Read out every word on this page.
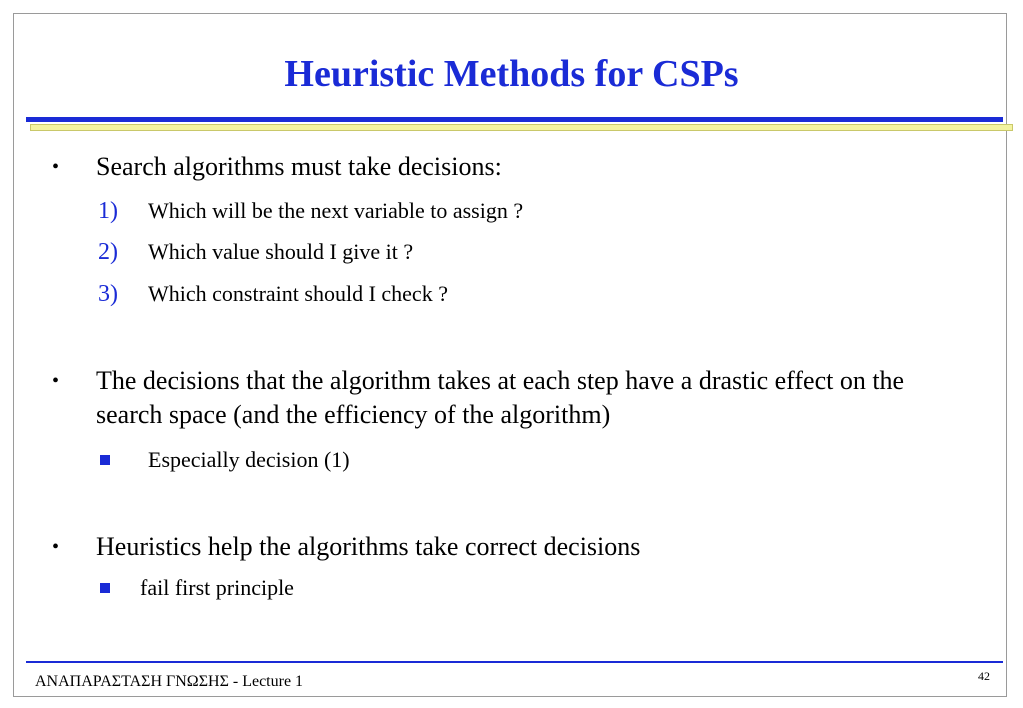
Heuristic Methods for CSPs
• Search algorithms must take decisions:
1) Which will be the next variable to assign ?
2) Which value should I give it ?
3) Which constraint should I check ?
• The decisions that the algorithm takes at each step have a drastic effect on the search space (and the efficiency of the algorithm)
Especially decision (1)
• Heuristics help the algorithms take correct decisions
fail first principle
ΑΝΑΠΑΡΑΣΤΑΣΗ ΓΝΩΣΗΣ - Lecture 1	42
